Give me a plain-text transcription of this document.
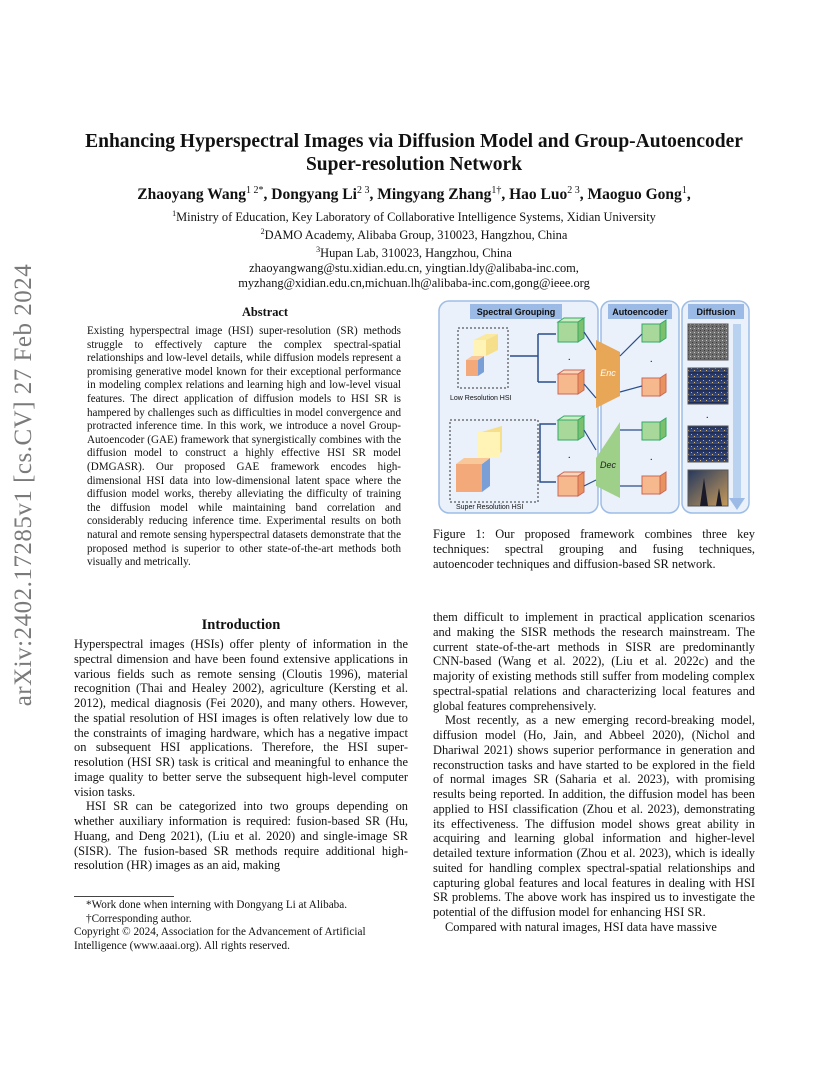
arXiv:2402.17285v1 [cs.CV] 27 Feb 2024
Enhancing Hyperspectral Images via Diffusion Model and Group-Autoencoder
Super-resolution Network
Zhaoyang Wang$^{1 2*}$, Dongyang $Li^{2 3}$, Mingyang Zhang$^{1\dagger}$, Hao Luo$^{2 3}$, Maoguo Gong$^1$,
$^1$Ministry of Education, Key Laboratory of Collaborative Intelligence Systems, Xidian University
$^2$DAMO Academy, Alibaba Group, 310023, Hangzhou, China
$^3$Hupan Lab, 310023, Hangzhou, China
zhaoyangwang@stu.xidian.edu.cn, yingtian.ldy@alibaba-inc.com,
myzhang@xidian.edu.cn,michuan.lh@alibaba-inc.com,gong@ieee.org
Abstract

Existing hyperspectral image (HSI) super-resolution (SR) methods struggle to effectively capture the complex spectral-spatial relationships and low-level details, while diffusion models represent a promising generative model known for their exceptional performance in modeling complex relations and learning high and low-level visual features. The direct application of diffusion models to HSI SR is hampered by challenges such as difficulties in model convergence and protracted inference time. In this work, we introduce a novel Group-Autoencoder (GAE) framework that synergistically combines with the diffusion model to construct a highly effective HSI SR model (DMGASR). Our proposed GAE framework encodes high-dimensional HSI data into low-dimensional latent space where the diffusion model works, thereby alleviating the difficulty of training the diffusion model while maintaining band correlation and considerably reducing inference time. Experimental results on both natural and remote sensing hyperspectral datasets demonstrate that the proposed method is superior to other state-of-the-art methods both visually and metrically.

Introduction

Hyperspectral images (HSIs) offer plenty of information in the spectral dimension and have been found extensive applications in various fields such as remote sensing (Cloutis 1996), material recognition (Thai and Healey 2002), agriculture (Kersting et al. 2012), medical diagnosis (Fei 2020), and many others. However, the spatial resolution of HSI images is often relatively low due to the constraints of imaging hardware, which has a negative impact on subsequent HSI applications. Therefore, the HSI super-resolution (HSI SR) task is critical and meaningful to enhance the image quality to better serve the subsequent high-level computer vision tasks.

HSI SR can be categorized into two groups depending on whether auxiliary information is required: fusion-based SR (Hu, Huang, and Deng 2021), (Liu et al. 2020) and single-image SR (SISR). The fusion-based SR methods require additional high-resolution (HR) images as an aid, making

*Work done when interning with Dongyang Li at Alibaba.
†Corresponding author.
Copyright © 2024, Association for the Advancement of Artificial Intelligence (www.aaai.org). All rights reserved.
Spectral Grouping	Autoencoder	Diffusion
Low Resolution HSI
Super Resolution HSI
.
.
Enc
Dec
.
.
.
Figure 1: Our proposed framework combines three key techniques: spectral grouping and fusing techniques, autoencoder techniques and diffusion-based SR network.

them difficult to implement in practical application scenarios and making the SISR methods the research mainstream. The current state-of-the-art methods in SISR are predominantly CNN-based (Wang et al. 2022), (Liu et al. 2022c) and the majority of existing methods still suffer from modeling complex spectral-spatial relations and characterizing local features and global features comprehensively.

Most recently, as a new emerging record-breaking model, diffusion model (Ho, Jain, and Abbeel 2020), (Nichol and Dhariwal 2021) shows superior performance in generation and reconstruction tasks and have started to be explored in the field of normal images SR (Saharia et al. 2023), with promising results being reported. In addition, the diffusion model has been applied to HSI classification (Zhou et al. 2023), demonstrating its effectiveness. The diffusion model shows great ability in acquiring and learning global information and higher-level detailed texture information (Zhou et al. 2023), which is ideally suited for handling complex spectral-spatial relationships and capturing global features and local features in dealing with HSI SR problems. The above work has inspired us to investigate the potential of the diffusion model for enhancing HSI SR.

Compared with natural images, HSI data have massive
